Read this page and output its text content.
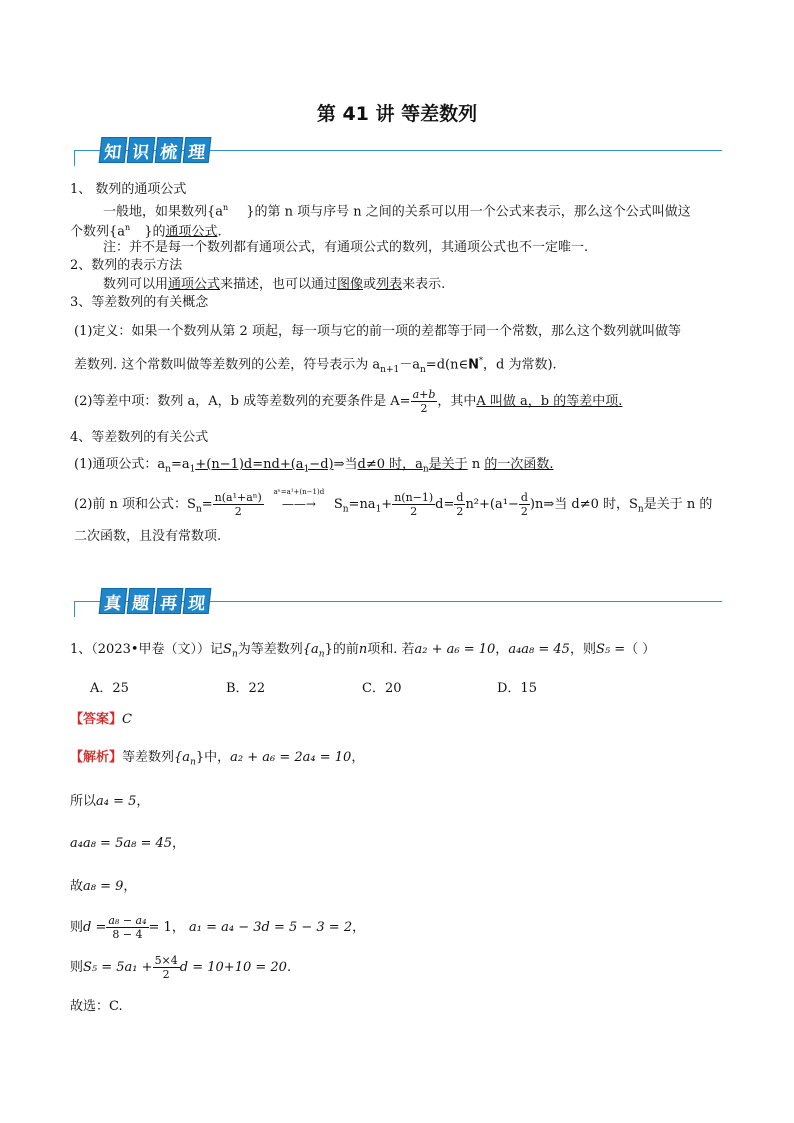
第 41 讲 等差数列
知 识 梳 理
1、 数列的通项公式
一般地，如果数列{$a^n$ }的第 n 项与序号 n 之间的关系可以用一个公式来表示，那么这个公式叫做这
个数列{$a^n$ }的通项公式.
注：并不是每一个数列都有通项公式，有通项公式的数列，其通项公式也不一定唯一.
2、数列的表示方法
数列可以用通项公式来描述，也可以通过图像或列表来表示.
3、等差数列的有关概念
(1)定义：如果一个数列从第 2 项起，每一项与它的前一项的差都等于同一个常数，那么这个数列就叫做等
差数列. 这个常数叫做等差数列的公差，符号表示为 $a_{n+1}-a_n=d(n\in N^*$，d 为常数).
(2)等差中项：数列 a，A，b 成等差数列的充要条件是 $A= \frac{a+b}{2}$ ，其中A 叫做 a，b 的等差中项.
4、等差数列的有关公式
(1)通项公式：$a_n=a_1+(n-1)d=nd+(a_1-d)\Rightarrow$当d≠0 时，$a_n$是关于 n 的一次函数.
(2)前 n 项和公式：$S_n= \frac{\text{n(a¹+aⁿ)}}{2}$	aⁿ=a¹+(n−1)d
——→ $S_n=na_1+ \frac{n(n-1)}{2} d= \frac{d}{2} n^2+(a^1- \frac{d}{2}$ )n⇒当 d≠0 时，$S_n$是关于 n 的
二次函数，且没有常数项.
真 题 再 现
1、（2023•甲卷（文））记$S_n$为等差数列$\{a_n\}$的前n项和. 若a₂ + a₆ = 10，a₄a₈ = 45，则S₅ =（ ）
A．25	B．22	C．20	D．15
【答案】C
【解析】等差数列$\{a_n\}$中，a₂ + a₆ = 2a₄ = 10，
所以a₄ = 5，
a₄a₈ = 5a₈ = 45，
故a₈ = 9，
则$d = \frac{\text{a₈ − a₄}}{8 - 4} = 1$， a₁ = a₄ − 3d = 5 − 3 = 2，
则$S_5 = 5a_1 + \frac{5\times 4}{2}$ d = 10+10 = 20.
故选：C.
